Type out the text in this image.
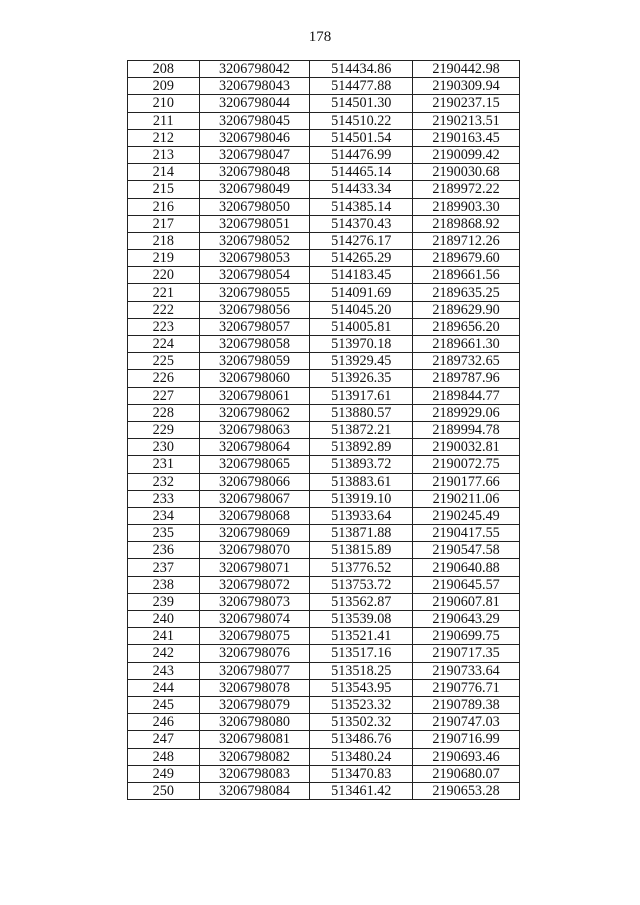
178
208	3206798042	514434.86	2190442.98
209	3206798043	514477.88	2190309.94
210	3206798044	514501.30	2190237.15
211	3206798045	514510.22	2190213.51
212	3206798046	514501.54	2190163.45
213	3206798047	514476.99	2190099.42
214	3206798048	514465.14	2190030.68
215	3206798049	514433.34	2189972.22
216	3206798050	514385.14	2189903.30
217	3206798051	514370.43	2189868.92
218	3206798052	514276.17	2189712.26
219	3206798053	514265.29	2189679.60
220	3206798054	514183.45	2189661.56
221	3206798055	514091.69	2189635.25
222	3206798056	514045.20	2189629.90
223	3206798057	514005.81	2189656.20
224	3206798058	513970.18	2189661.30
225	3206798059	513929.45	2189732.65
226	3206798060	513926.35	2189787.96
227	3206798061	513917.61	2189844.77
228	3206798062	513880.57	2189929.06
229	3206798063	513872.21	2189994.78
230	3206798064	513892.89	2190032.81
231	3206798065	513893.72	2190072.75
232	3206798066	513883.61	2190177.66
233	3206798067	513919.10	2190211.06
234	3206798068	513933.64	2190245.49
235	3206798069	513871.88	2190417.55
236	3206798070	513815.89	2190547.58
237	3206798071	513776.52	2190640.88
238	3206798072	513753.72	2190645.57
239	3206798073	513562.87	2190607.81
240	3206798074	513539.08	2190643.29
241	3206798075	513521.41	2190699.75
242	3206798076	513517.16	2190717.35
243	3206798077	513518.25	2190733.64
244	3206798078	513543.95	2190776.71
245	3206798079	513523.32	2190789.38
246	3206798080	513502.32	2190747.03
247	3206798081	513486.76	2190716.99
248	3206798082	513480.24	2190693.46
249	3206798083	513470.83	2190680.07
250	3206798084	513461.42	2190653.28
